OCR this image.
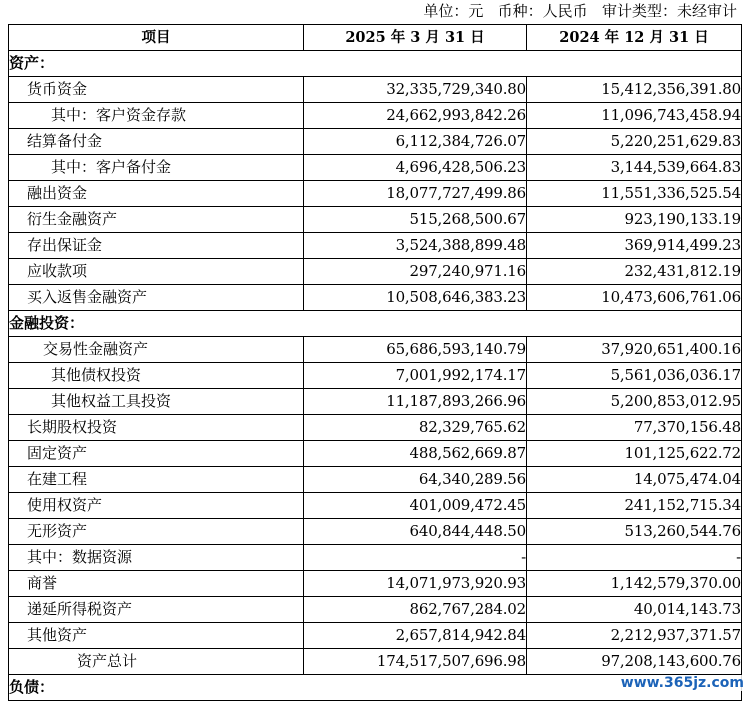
单位：元   币种：人民币   审计类型：未经审计
项目	2025 年 3 月 31 日	2024 年 12 月 31 日
资产：		
货币资金	32,335,729,340.80	15,412,356,391.80
其中：客户资金存款	24,662,993,842.26	11,096,743,458.94
结算备付金	6,112,384,726.07	5,220,251,629.83
其中：客户备付金	4,696,428,506.23	3,144,539,664.83
融出资金	18,077,727,499.86	11,551,336,525.54
衍生金融资产	515,268,500.67	923,190,133.19
存出保证金	3,524,388,899.48	369,914,499.23
应收款项	297,240,971.16	232,431,812.19
买入返售金融资产	10,508,646,383.23	10,473,606,761.06
金融投资：		
交易性金融资产	65,686,593,140.79	37,920,651,400.16
其他债权投资	7,001,992,174.17	5,561,036,036.17
其他权益工具投资	11,187,893,266.96	5,200,853,012.95
长期股权投资	82,329,765.62	77,370,156.48
固定资产	488,562,669.87	101,125,622.72
在建工程	64,340,289.56	14,075,474.04
使用权资产	401,009,472.45	241,152,715.34
无形资产	640,844,448.50	513,260,544.76
其中：数据资源	-	-
商誉	14,071,973,920.93	1,142,579,370.00
递延所得税资产	862,767,284.02	40,014,143.73
其他资产	2,657,814,942.84	2,212,937,371.57
资产总计	174,517,507,696.98	97,208,143,600.76
负债：			www.365jz.com
